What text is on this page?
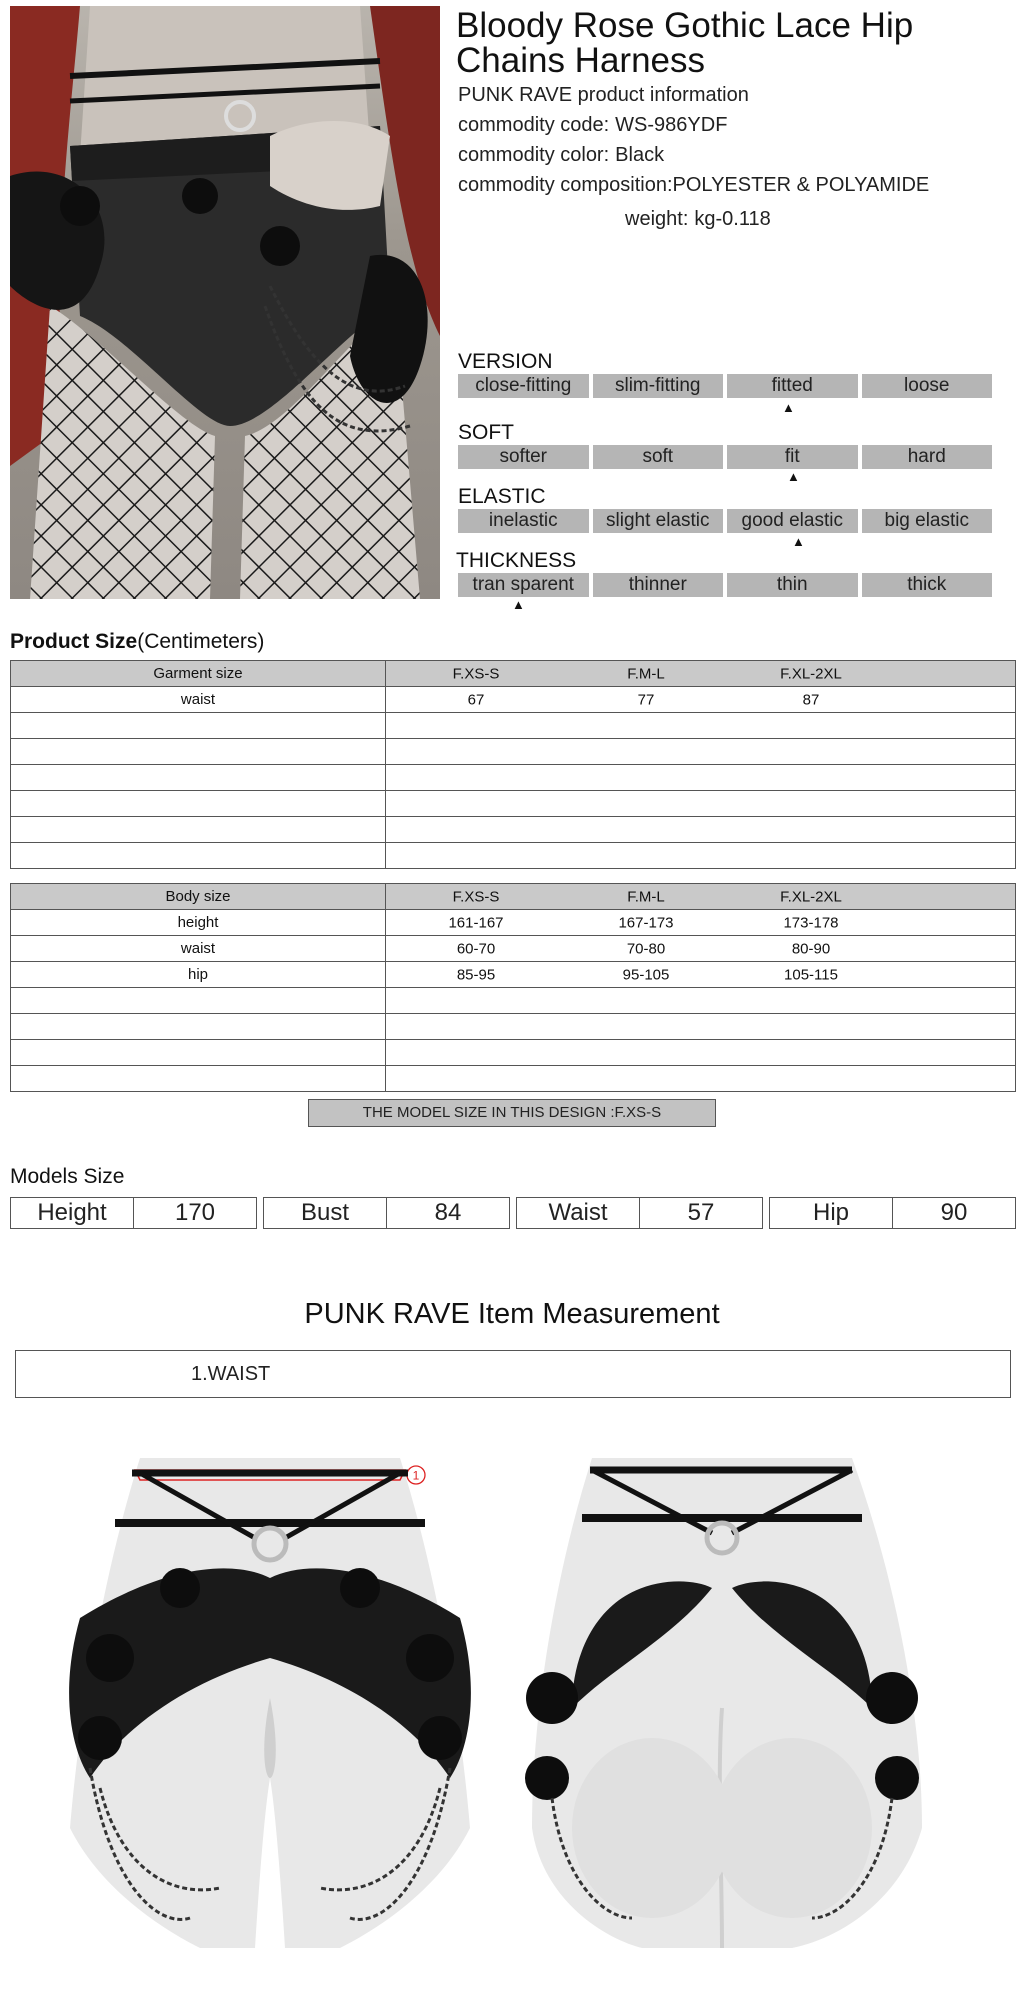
Bloody Rose Gothic Lace Hip Chains Harness
PUNK RAVE product information
commodity code: WS-986YDF
commodity color: Black
commodity composition:POLYESTER & POLYAMIDE
weight: kg-0.118
VERSION
close-fitting	slim-fitting	fitted	loose
▲
SOFT
softer	soft	fit	hard
▲
ELASTIC
inelastic	slight elastic	good elastic	big elastic
▲
THICKNESS
tran sparent	thinner	thin	thick
▲
Product Size(Centimeters)
Garment size	F.XS-S F.M-L F.XL-2XL

waist	67 77 87

Body size	F.XS-S F.M-L F.XL-2XL

height	161-167 167-173 173-178

waist	60-70 70-80 80-90

hip	85-95 95-105 105-115

THE MODEL SIZE IN THIS DESIGN :F.XS-S
Models Size
Height	170	Bust	84	Waist	57	Hip	90
PUNK RAVE Item Measurement
1.WAIST
1
